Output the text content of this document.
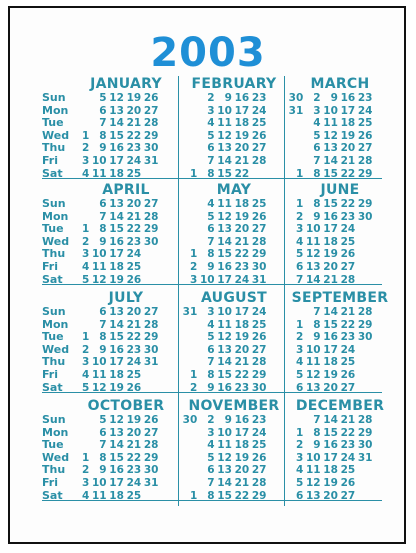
2003
Sun
Mon
Tue
Wed
Thu
Fri
Sat
JANUARY
5 12 19 26
6 13 20 27
7 14 21 28
1 8 15 22 29
2 9 16 23 30
3 10 17 24 31
4 11 18 25
FEBRUARY
2 9 16 23
3 10 17 24
4 11 18 25
5 12 19 26
6 13 20 27
7 14 21 28
1 8 15 22
MARCH
30 2 9 16 23
31 3 10 17 24
4 11 18 25
5 12 19 26
6 13 20 27
7 14 21 28
1 8 15 22 29
Sun
Mon
Tue
Wed
Thu
Fri
Sat
APRIL
6 13 20 27
7 14 21 28
1 8 15 22 29
2 9 16 23 30
3 10 17 24
4 11 18 25
5 12 19 26
MAY
4 11 18 25
5 12 19 26
6 13 20 27
7 14 21 28
1 8 15 22 29
2 9 16 23 30
3 10 17 24 31
JUNE
1 8 15 22 29
2 9 16 23 30
3 10 17 24
4 11 18 25
5 12 19 26
6 13 20 27
7 14 21 28
Sun
Mon
Tue
Wed
Thu
Fri
Sat
JULY
6 13 20 27
7 14 21 28
1 8 15 22 29
2 9 16 23 30
3 10 17 24 31
4 11 18 25
5 12 19 26
AUGUST
31 3 10 17 24
4 11 18 25
5 12 19 26
6 13 20 27
7 14 21 28
1 8 15 22 29
2 9 16 23 30
SEPTEMBER
7 14 21 28
1 8 15 22 29
2 9 16 23 30
3 10 17 24
4 11 18 25
5 12 19 26
6 13 20 27
Sun
Mon
Tue
Wed
Thu
Fri
Sat
OCTOBER
5 12 19 26
6 13 20 27
7 14 21 28
1 8 15 22 29
2 9 16 23 30
3 10 17 24 31
4 11 18 25
NOVEMBER
30 2 9 16 23
3 10 17 24
4 11 18 25
5 12 19 26
6 13 20 27
7 14 21 28
1 8 15 22 29
DECEMBER
7 14 21 28
1 8 15 22 29
2 9 16 23 30
3 10 17 24 31
4 11 18 25
5 12 19 26
6 13 20 27
